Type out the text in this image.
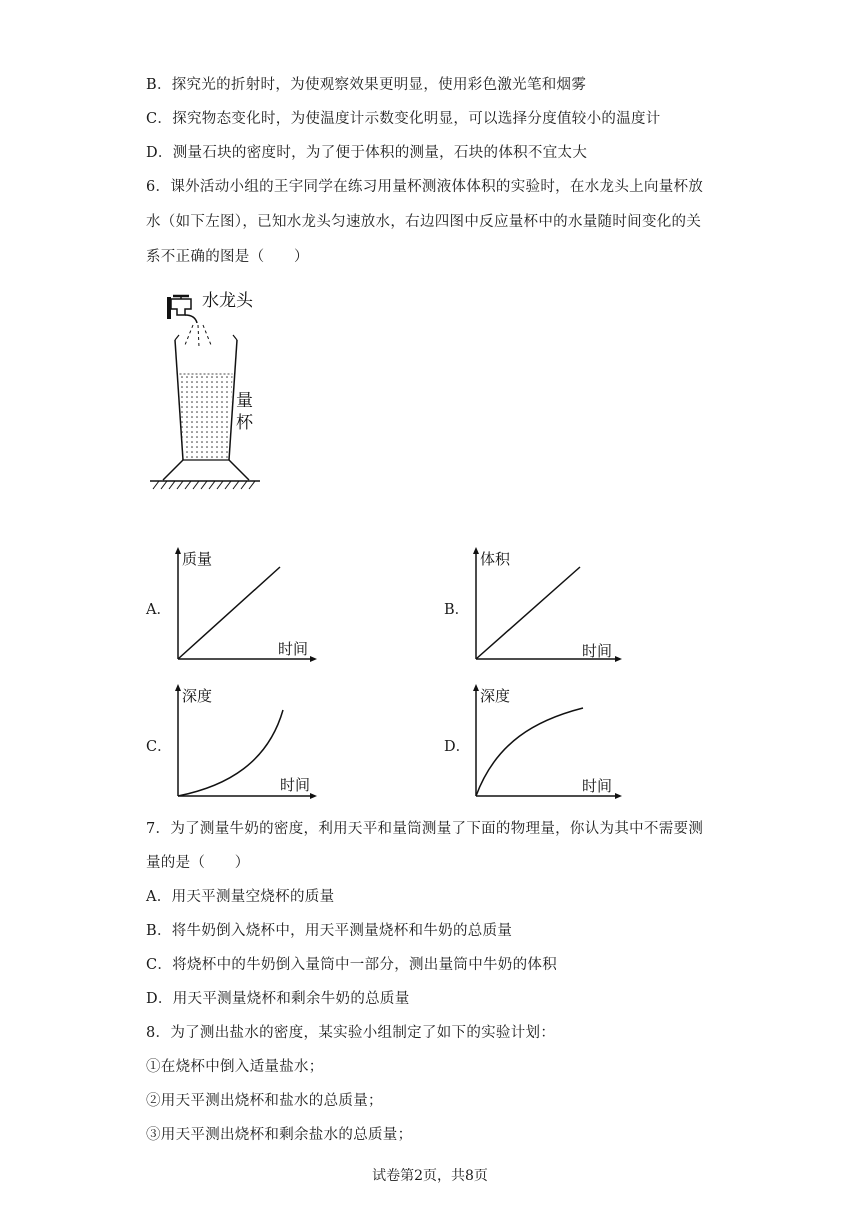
B．探究光的折射时，为使观察效果更明显，使用彩色激光笔和烟雾
C．探究物态变化时，为使温度计示数变化明显，可以选择分度值较小的温度计
D．测量石块的密度时，为了便于体积的测量，石块的体积不宜太大
6．课外活动小组的王宇同学在练习用量杯测液体体积的实验时，在水龙头上向量杯放
水（如下左图），已知水龙头匀速放水，右边四图中反应量杯中的水量随时间变化的关
系不正确的图是（　　）
水龙头
量
杯
A．	B．
C．	D．
质量
时间
体积
时间
深度
时间
深度
时间
7．为了测量牛奶的密度，利用天平和量筒测量了下面的物理量，你认为其中不需要测
量的是（　　）
A．用天平测量空烧杯的质量
B．将牛奶倒入烧杯中，用天平测量烧杯和牛奶的总质量
C．将烧杯中的牛奶倒入量筒中一部分，测出量筒中牛奶的体积
D．用天平测量烧杯和剩余牛奶的总质量
8．为了测出盐水的密度，某实验小组制定了如下的实验计划：
①在烧杯中倒入适量盐水；
②用天平测出烧杯和盐水的总质量；
③用天平测出烧杯和剩余盐水的总质量；
试卷第2页，共8页
